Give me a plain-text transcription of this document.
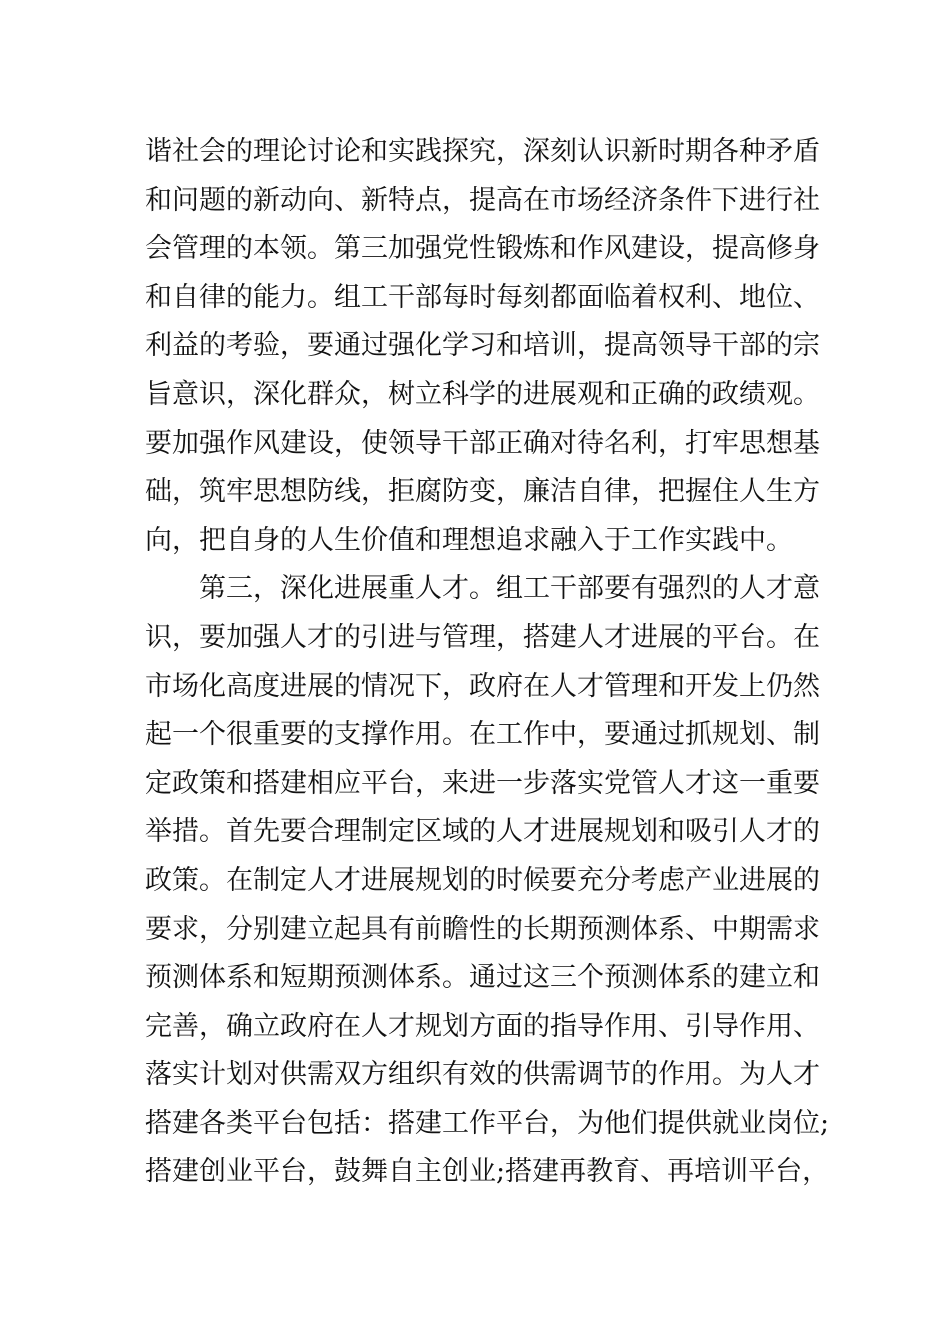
谐社会的理论讨论和实践探究，深刻认识新时期各种矛盾
和问题的新动向、新特点，提高在市场经济条件下进行社
会管理的本领。第三加强党性锻炼和作风建设，提高修身
和自律的能力。组工干部每时每刻都面临着权利、地位、
利益的考验，要通过强化学习和培训，提高领导干部的宗
旨意识，深化群众，树立科学的进展观和正确的政绩观。
要加强作风建设，使领导干部正确对待名利，打牢思想基
础，筑牢思想防线，拒腐防变，廉洁自律，把握住人生方
向，把自身的人生价值和理想追求融入于工作实践中。
第三，深化进展重人才。组工干部要有强烈的人才意
识，要加强人才的引进与管理，搭建人才进展的平台。在
市场化高度进展的情况下，政府在人才管理和开发上仍然
起一个很重要的支撑作用。在工作中，要通过抓规划、制
定政策和搭建相应平台，来进一步落实党管人才这一重要
举措。首先要合理制定区域的人才进展规划和吸引人才的
政策。在制定人才进展规划的时候要充分考虑产业进展的
要求，分别建立起具有前瞻性的长期预测体系、中期需求
预测体系和短期预测体系。通过这三个预测体系的建立和
完善，确立政府在人才规划方面的指导作用、引导作用、
落实计划对供需双方组织有效的供需调节的作用。为人才
搭建各类平台包括：搭建工作平台，为他们提供就业岗位;
搭建创业平台，鼓舞自主创业;搭建再教育、再培训平台，
